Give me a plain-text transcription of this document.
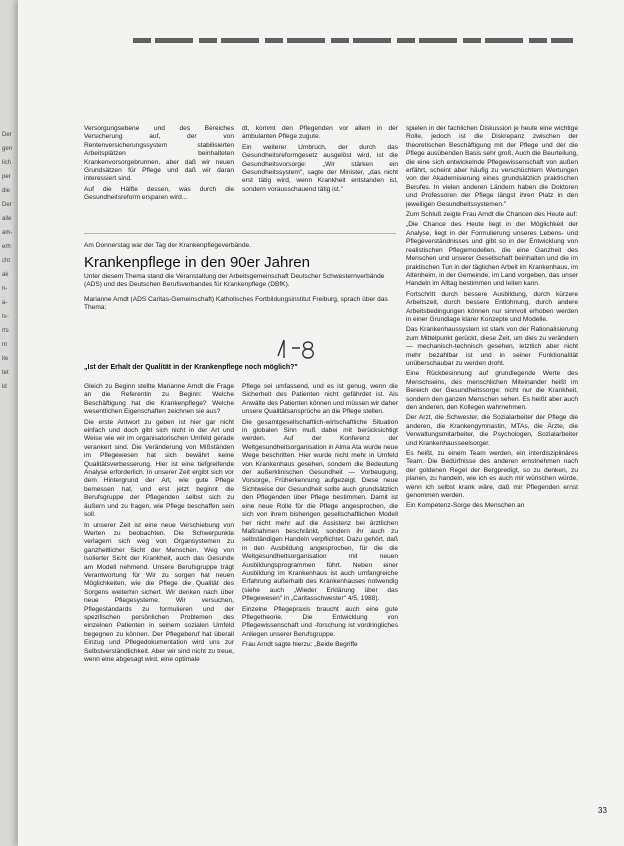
Der
gen
lich
per
die
Der
alle
am-
erh
cht
ak
n-
a-
tv-
rts
rn
ite
tet
ld

Versorgungsebene und des Bereiches Versicherung auf, der von Rentenversicherungssystem stabilisierten Arbeitsplätzen beinhalteten Krankenvorsorgebrunnen, aber daß wir neuen Grundsätzen für Pflege und daß wir daran interessiert sind.

Auf die Hälfte dessen, was durch die Gesundheitsreform ersparen wird...

dt, kommt den Pflegenden vor allem in der ambulanten Pflege zugute.

Ein weiterer Umbruch, der durch das Gesundheitsreformgesetz ausgelöst wird, ist die Gesundheitsvorsorge: „Wir stärken ein Gesundheitssystem", sagte der Minister, „das nicht erst tätig wird, wenn Krankheit entstanden ist, sondern vorausschauend tätig ist."

Am Donnerstag war der Tag der Krankenpflegeverbände.
Krankenpflege in den 90er Jahren
Unter diesem Thema stand die Veranstaltung der Arbeitsgemeinschaft Deutscher Schwesternverbände (ADS) und des Deutschen Berufsverbandes für Krankenpflege (DBfK).
Marianne Arndt (ADS Caritas-Gemeinschaft) Katholisches Fortbildungsinstitut Freiburg, sprach über das Thema:
„Ist der Erhalt der Qualität in der Krankenpflege noch möglich?"

Gleich zu Beginn stellte Marianne Arndt die Frage an die Referentin zu Beginn: Welche Beschäftigung hat die Krankenpflege? Welche wesentlichen Eigenschaften zeichnen sie aus?

Die erste Antwort zu geben ist hier gar nicht einfach und doch gibt sich nicht in der Art und Weise wie wir im organisatorischen Umfeld gerade verankert sind. Die Veränderung von Mißständen im Pflegewesen hat sich bewährt keine Qualitätsverbesserung. Hier ist eine tiefgreifende Analyse erforderlich. In unserer Zeit ergibt sich vor dem Hintergrund der Art, wie gute Pflege bemessen hat, und erst jetzt beginnt die Berufsgruppe der Pflegenden selbst sich zu äußern und zu fragen, wie Pflege beschaffen sein soll.

In unserer Zeit ist eine neue Verschiebung von Werten zu beobachten. Die Schwerpunkte verlagern sich weg von Organsystemen zu ganzheitlicher Sicht der Menschen. Weg von isolierter Sicht der Krankheit, auch das Gesunde am Modell nehmend. Unsere Berufsgruppe trägt Verantwortung für Wir zu sorgen hat neuen Möglichkeiten, wie die Pflege die Qualität des Sorgens weiterhin sichert. Wir denken nach über neue Pflegesysteme. Wir versuchen, Pflegestandards zu formulieren und der spezifischen persönlichen Problemen des einzelnen Patienten in seinem sozialen Umfeld begegnen zu können. Der Pflegeberuf hat überall Einzug und Pflegedokumentation wird uns zur Selbstverständlichkeit. Aber wir sind nicht zu treue, wenn eine abgesagt wird, eine optimale

Pflege sei umfassend, und es ist genug, wenn die Sicherheit des Patienten nicht gefährdet ist. Als Anwälte des Patienten können und müssen wir daher unsere Qualitätsansprüche an die Pflege stellen.

Die gesamtgesellschaftlich-wirtschaftliche Situation in globalen Sinn muß dabei mit berücksichtigt werden. Auf der Konferenz der Weltgesundheitsorganisation in Alma Ata wurde neue Wege beschritten. Hier wurde nicht mehr in Umfeld von Krankenhaus gesehen, sondern die Bedeutung der außerklinischen Gesundheit — Vorbeugung, Vorsorge, Früherkennung aufgezeigt. Diese neue Sichtweise der Gesundheit sollte auch grundsätzlich den Pflegenden über Pflege bestimmen. Damit ist eine neue Rolle für die Pflege angesprochen, die sich von ihrem bisherigen gesellschaftlichen Modell her nicht mehr auf die Assistenz bei ärztlichen Maßnahmen beschränkt, sondern ihr auch zu selbständigen Handeln verpflichtet. Dazu gehört, daß in den Ausbildung angesprochen, für die die Weltgesundheitsorganisation mit neuen Ausbildungsprogrammen führt. Neben einer Ausbildung im Krankenhaus ist auch umfangreiche Erfahrung außerhalb des Krankenhauses notwendig (siehe auch „Wieder Erklärung über das Pflegewesen" in „Caritasschwester" 4/5, 1988).

Einzelne Pflegepraxis braucht auch eine gute Pflegetheorie. Die Entwicklung von Pflegewissenschaft und -forschung ist vordringliches Anliegen unserer Berufsgruppe.

Frau Arndt sagte hierzu: „Beide Begriffe

spielen in der fachlichen Diskussion je heute eine wichtige Rolle, jedoch ist die Diskrepanz zwischen der theoretischen Beschäftigung mit der Pflege und der die Pflege ausübenden Basis sehr groß. Auch die Beurteilung, die eine sich entwickelnde Pflegewissenschaft von außen erfährt, scheint aber häufig zu verschüchtern Wertungen von der Akademisierung eines grundsätzlich praktischen Berufes. In vielen anderen Ländern haben die Doktoren und Professoren der Pflege längst ihren Platz in den jeweiligen Gesundheitssystemen."

Zum Schluß zeigte Frau Arndt die Chancen des Heute auf:

„Die Chance des Heute liegt in der Möglichkeit der Analyse, liegt in der Formulierung unseres Lebens- und Pflegeverständnisses und gibt so in der Entwicklung von realistischen Pflegemodellen, die eine Ganzheit des Menschen und unserer Gesellschaft beinhalten und die im praktischen Tun in der täglichen Arbeit im Krankenhaus, im Altenheim, in der Gemeinde, im Land vorgeben, das unser Handeln im Alltag bestimmen und leiten kann.

Fortschritt durch bessere Ausbildung, durch kürzere Arbeitszeit, durch bessere Entlohnung, durch andere Arbeitsbedingungen können nur sinnvoll erhoben werden in einer Grundlage klarer Konzepte und Modelle.

Das Krankenhaussystem ist stark von der Rationalisierung zum Mittelpunkt gerückt, diese Zeit, um dies zu verändern — mechanisch-technisch gesehen, letztlich aber nicht mehr bezahlbar ist und in seiner Funktionalität unüberschaubar zu werden droht.

Eine Rückbesinnung auf grundlegende Werte des Menschseins, des menschlichen Miteinander heißt im Bereich der Gesundheitssorge: nicht nur die Krankheit, sondern den ganzen Menschen sehen. Es heißt aber auch den anderen, den Kollegen wahrnehmen.

Der Arzt, die Schwester, die Sozialarbeiter der Pflege die anderen, die Krankengymnastin, MTAs, die Ärzte, die Verwaltungsmitarbeiter, die Psychologen, Sozialarbeiter und Krankenhausseelsorger.

Es heißt, zu einem Team werden, ein interdisziplinäres Team. Die Bedürfnisse des anderen ernstnehmen nach der goldenen Regel der Bergpredigt, so zu denken, zu planen, zu handeln, wie ich es auch mir wünschen würde, wenn ich selbst krank wäre, daß mir Pflegenden ernst genommen werden.

Ein Kompetenz-Sorge des Menschen an

33
